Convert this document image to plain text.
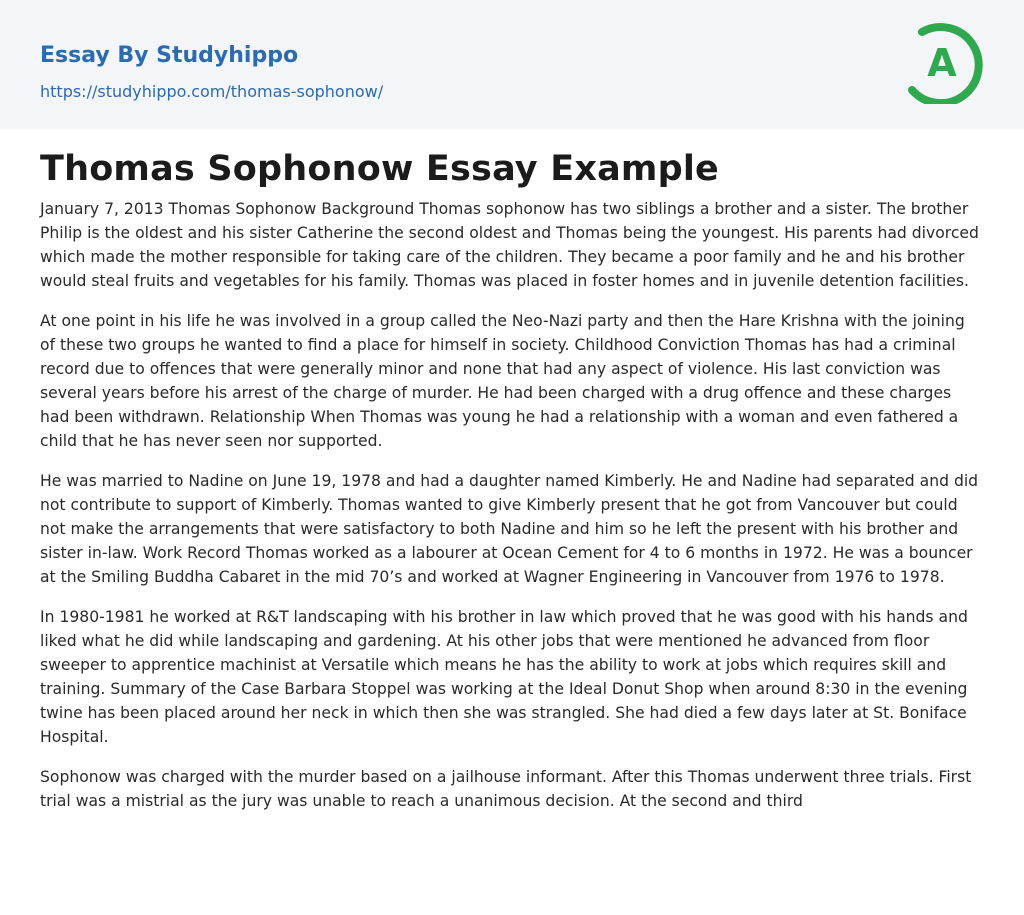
Essay By Studyhippo
https://studyhippo.com/thomas-sophonow/
A
Thomas Sophonow Essay Example

January 7, 2013 Thomas Sophonow Background Thomas sophonow has two siblings a brother and a sister. The brother Philip is the oldest and his sister Catherine the second oldest and Thomas being the youngest. His parents had divorced which made the mother responsible for taking care of the children. They became a poor family and he and his brother would steal fruits and vegetables for his family. Thomas was placed in foster homes and in juvenile detention facilities.

At one point in his life he was involved in a group called the Neo-Nazi party and then the Hare Krishna with the joining of these two groups he wanted to find a place for himself in society. Childhood Conviction Thomas has had a criminal record due to offences that were generally minor and none that had any aspect of violence. His last conviction was several years before his arrest of the charge of murder. He had been charged with a drug offence and these charges had been withdrawn. Relationship When Thomas was young he had a relationship with a woman and even fathered a child that he has never seen nor supported.

He was married to Nadine on June 19, 1978 and had a daughter named Kimberly. He and Nadine had separated and did not contribute to support of Kimberly. Thomas wanted to give Kimberly present that he got from Vancouver but could not make the arrangements that were satisfactory to both Nadine and him so he left the present with his brother and sister in-law. Work Record Thomas worked as a labourer at Ocean Cement for 4 to 6 months in 1972. He was a bouncer at the Smiling Buddha Cabaret in the mid 70’s and worked at Wagner Engineering in Vancouver from 1976 to 1978.

In 1980-1981 he worked at R&T landscaping with his brother in law which proved that he was good with his hands and liked what he did while landscaping and gardening. At his other jobs that were mentioned he advanced from floor sweeper to apprentice machinist at Versatile which means he has the ability to work at jobs which requires skill and training. Summary of the Case Barbara Stoppel was working at the Ideal Donut Shop when around 8:30 in the evening twine has been placed around her neck in which then she was strangled. She had died a few days later at St. Boniface Hospital.

Sophonow was charged with the murder based on a jailhouse informant. After this Thomas underwent three trials. First trial was a mistrial as the jury was unable to reach a unanimous decision. At the second and third
